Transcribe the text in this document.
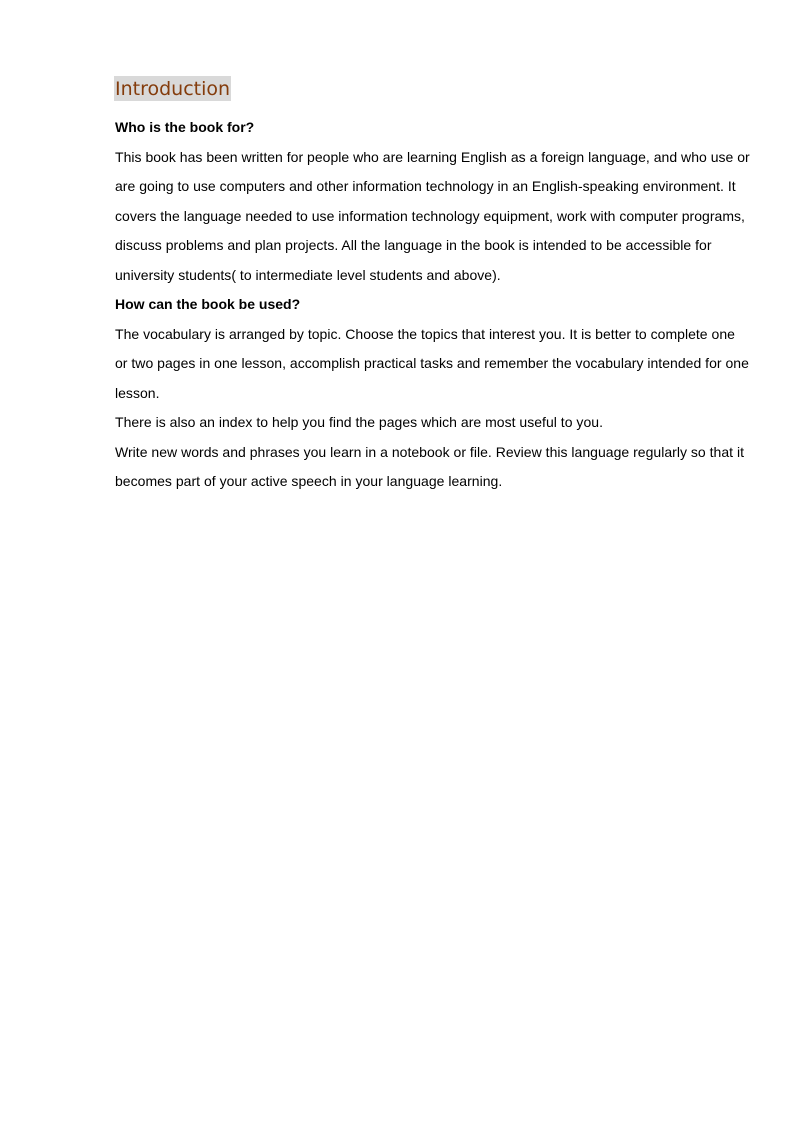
Introduction

Who is the book for?

This book has been written for people who are learning English as a foreign language, and who use or are going to use computers and other information technology in an English-speaking environment. It covers the language needed to use information technology equipment, work with computer programs, discuss problems and plan projects. All the language in the book is intended to be accessible for university students( to intermediate level students and above).

How can the book be used?

The vocabulary is arranged by topic. Choose the topics that interest you. It is better to complete one or two pages in one lesson, accomplish practical tasks and remember the vocabulary intended for one lesson.

There is also an index to help you find the pages which are most useful to you.

Write new words and phrases you learn in a notebook or file. Review this language regularly so that it becomes part of your active speech in your language learning.
